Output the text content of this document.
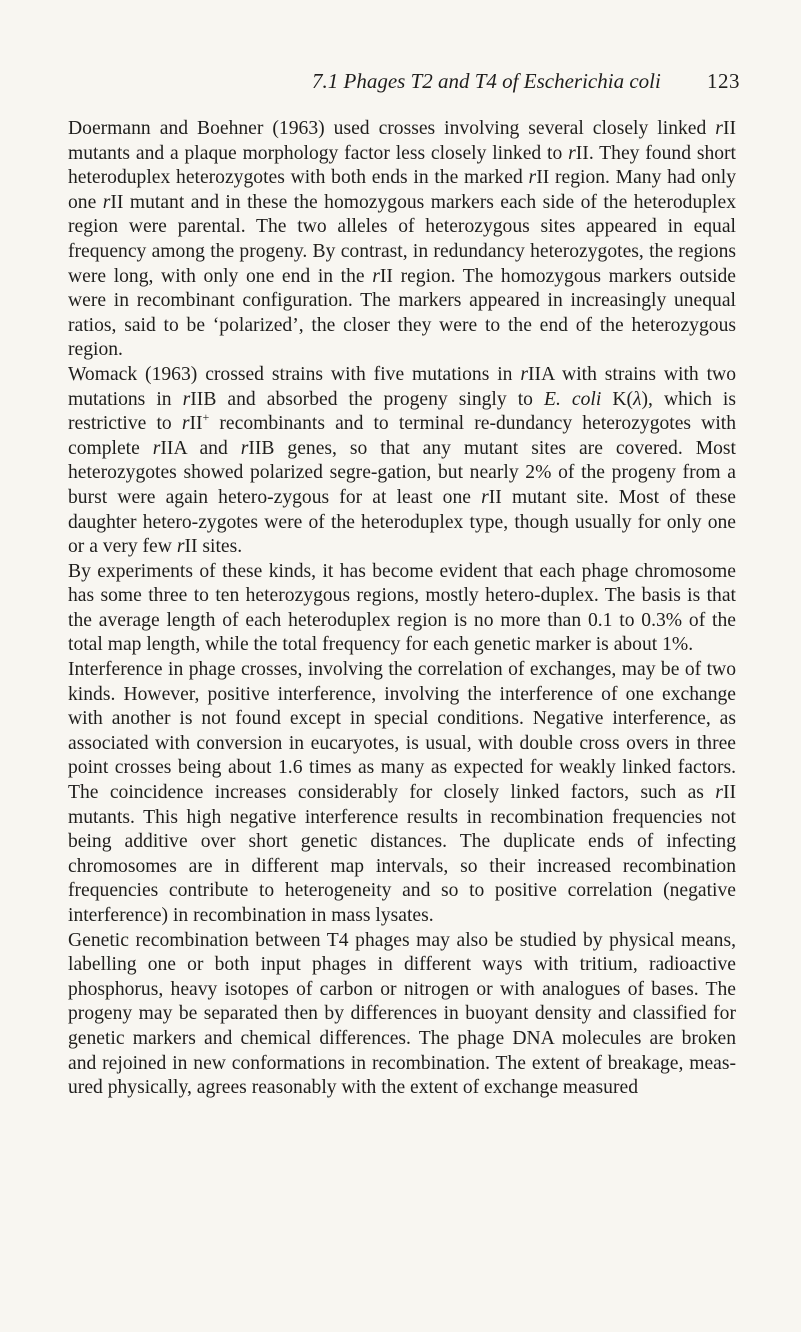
7.1 Phages T2 and T4 of Escherichia coli 123

Doermann and Boehner (1963) used crosses involving several closely linked rII mutants and a plaque morphology factor less closely linked to rII. They found short heteroduplex heterozygotes with both ends in the marked rII region. Many had only one rII mutant and in these the homozygous markers each side of the heteroduplex region were parental. The two alleles of heterozygous sites appeared in equal frequency among the progeny. By contrast, in redundancy heterozygotes, the regions were long, with only one end in the rII region. The homozygous markers outside were in recombinant configuration. The markers appeared in increasingly unequal ratios, said to be ‘polarized’, the closer they were to the end of the heterozygous region.

Womack (1963) crossed strains with five mutations in rIIA with strains with two mutations in rIIB and absorbed the progeny singly to E. coli K(λ), which is restrictive to rII+ recombinants and to terminal re-dundancy heterozygotes with complete rIIA and rIIB genes, so that any mutant sites are covered. Most heterozygotes showed polarized segre-gation, but nearly 2% of the progeny from a burst were again hetero-zygous for at least one rII mutant site. Most of these daughter hetero-zygotes were of the heteroduplex type, though usually for only one or a very few rII sites.

By experiments of these kinds, it has become evident that each phage chromosome has some three to ten heterozygous regions, mostly hetero-duplex. The basis is that the average length of each heteroduplex region is no more than 0.1 to 0.3% of the total map length, while the total frequency for each genetic marker is about 1%.

Interference in phage crosses, involving the correlation of exchanges, may be of two kinds. However, positive interference, involving the interference of one exchange with another is not found except in special conditions. Negative interference, as associated with conversion in eucaryotes, is usual, with double cross overs in three point crosses being about 1.6 times as many as expected for weakly linked factors. The coincidence increases considerably for closely linked factors, such as rII mutants. This high negative interference results in recombination frequencies not being additive over short genetic distances. The duplicate ends of infecting chromosomes are in different map intervals, so their increased recombination frequencies contribute to heterogeneity and so to positive correlation (negative interference) in recombination in mass lysates.

Genetic recombination between T4 phages may also be studied by physical means, labelling one or both input phages in different ways with tritium, radioactive phosphorus, heavy isotopes of carbon or nitrogen or with analogues of bases. The progeny may be separated then by differences in buoyant density and classified for genetic markers and chemical differences. The phage DNA molecules are broken and rejoined in new conformations in recombination. The extent of breakage, meas-ured physically, agrees reasonably with the extent of exchange measured
